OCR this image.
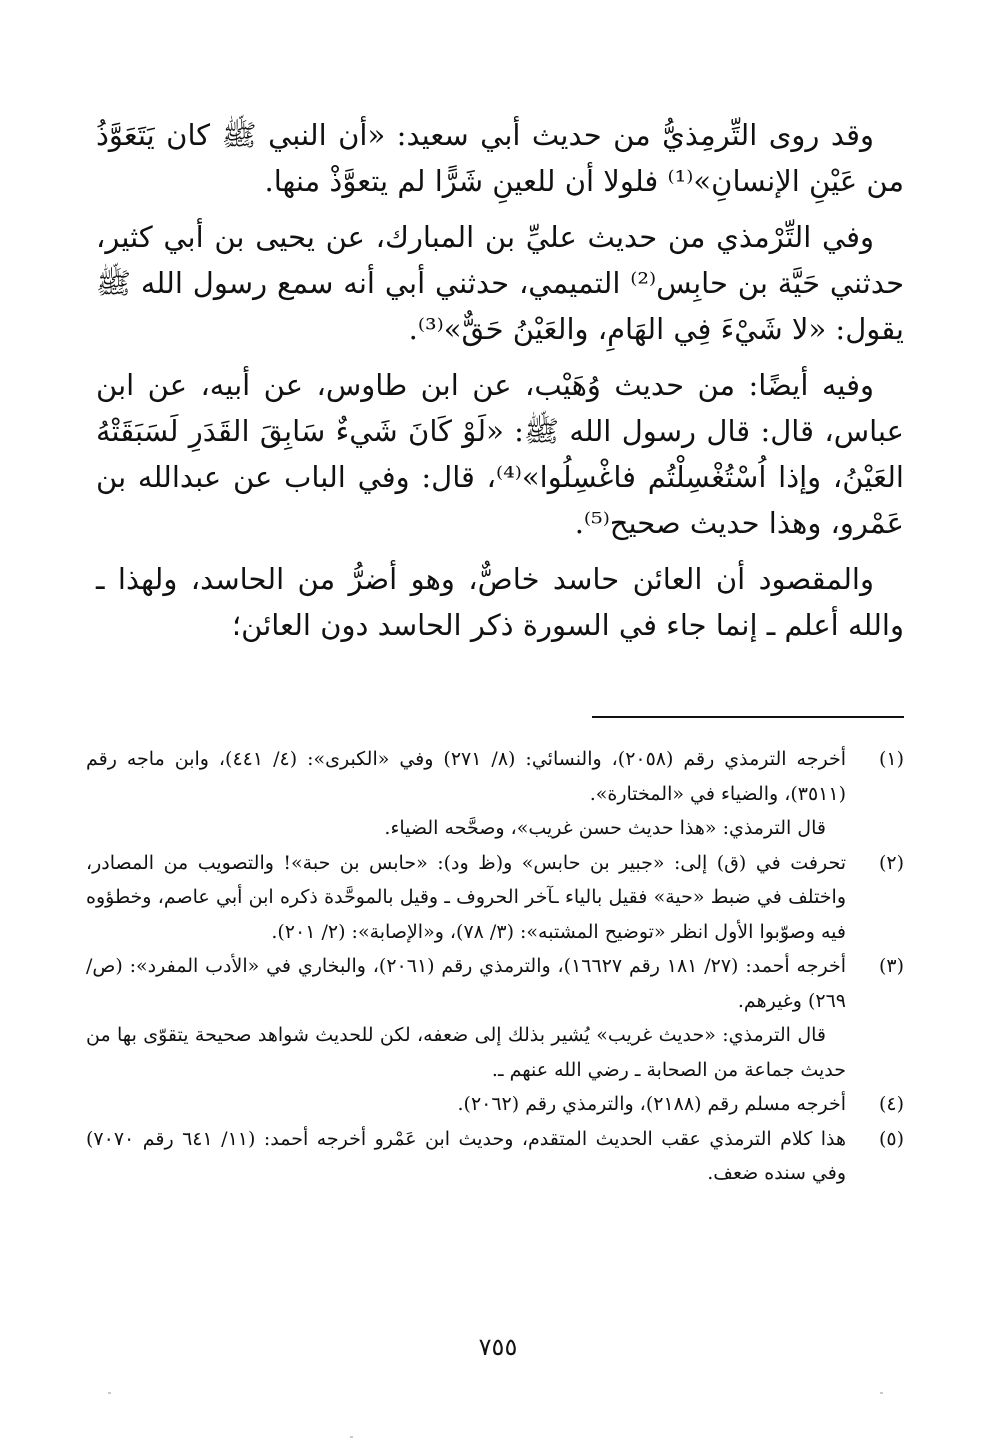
وقد روى التِّرمِذيُّ من حديث أبي سعيد: «أن النبي ﷺ كان يَتَعَوَّذُ من عَيْنِ الإنسانِ»⁽¹⁾ فلولا أن للعينِ شَرًّا لم يتعوَّذْ منها.

وفي التِّرْمذي من حديث عليِّ بن المبارك، عن يحيى بن أبي كثير، حدثني حَيَّة بن حابِس⁽²⁾ التميمي، حدثني أبي أنه سمع رسول الله ﷺ يقول: «لا شَيْءَ فِي الهَامِ، والعَيْنُ حَقٌّ»⁽³⁾.

وفيه أيضًا: من حديث وُهَيْب، عن ابن طاوس، عن أبيه، عن ابن عباس، قال: قال رسول الله ﷺ: «لَوْ كَانَ شَيءٌ سَابِقَ القَدَرِ لَسَبَقَتْهُ العَيْنُ، وإذا اُسْتُغْسِلْتُم فاغْسِلُوا»⁽⁴⁾، قال: وفي الباب عن عبدالله بن عَمْرو، وهذا حديث صحيح⁽⁵⁾.

والمقصود أن العائن حاسد خاصٌّ، وهو أضرُّ من الحاسد، ولهذا ـ والله أعلم ـ إنما جاء في السورة ذكر الحاسد دون العائن؛

(١)
أخرجه الترمذي رقم (٢٠٥٨)، والنسائي: (٨/ ٢٧١) وفي «الكبرى»: (٤/ ٤٤١)، وابن ماجه رقم (٣٥١١)، والضياء في «المختارة».
قال الترمذي: «هذا حديث حسن غريب»، وصحَّحه الضياء.
(٢)
تحرفت في (ق) إلى: «جبير بن حابس» و(ظ ود): «حابس بن حبة»! والتصويب من المصادر، واختلف في ضبط «حية» فقيل بالياء ـآخر الحروف ـ وقيل بالموحَّدة ذكره ابن أبي عاصم، وخطؤوه فيه وصوّبوا الأول انظر «توضيح المشتبه»: (٣/ ٧٨)، و«الإصابة»: (٢/ ٢٠١).
(٣)
أخرجه أحمد: (٢٧/ ١٨١ رقم ١٦٦٢٧)، والترمذي رقم (٢٠٦١)، والبخاري في «الأدب المفرد»: (ص/ ٢٦٩) وغيرهم.
قال الترمذي: «حديث غريب» يُشير بذلك إلى ضعفه، لكن للحديث شواهد صحيحة يتقوّى بها من حديث جماعة من الصحابة ـ رضي الله عنهم ـ.
(٤)
أخرجه مسلم رقم (٢١٨٨)، والترمذي رقم (٢٠٦٢).
(٥)
هذا كلام الترمذي عقب الحديث المتقدم، وحديث ابن عَمْرو أخرجه أحمد: (١١/ ٦٤١ رقم ٧٠٧٠) وفي سنده ضعف.
٧٥٥
